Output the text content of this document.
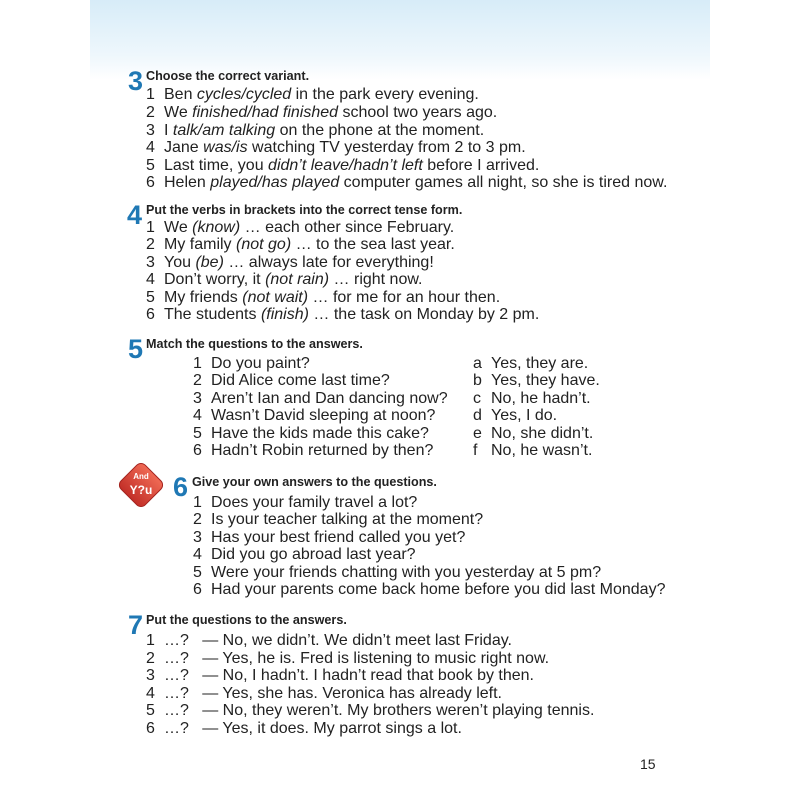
3 Choose the correct variant.
1 Ben cycles/cycled in the park every evening.
2 We finished/had finished school two years ago.
3 I talk/am talking on the phone at the moment.
4 Jane was/is watching TV yesterday from 2 to 3 pm.
5 Last time, you didn’t leave/hadn’t left before I arrived.
6 Helen played/has played computer games all night, so she is tired now.
4 Put the verbs in brackets into the correct tense form.
1 We (know) … each other since February.
2 My family (not go) … to the sea last year.
3 You (be) … always late for everything!
4 Don’t worry, it (not rain) … right now.
5 My friends (not wait) … for me for an hour then.
6 The students (finish) … the task on Monday by 2 pm.
5 Match the questions to the answers.
1 Do you paint?
2 Did Alice come last time?
3 Aren’t Ian and Dan dancing now?
4 Wasn’t David sleeping at noon?
5 Have the kids made this cake?
6 Hadn’t Robin returned by then?
a Yes, they are.
b Yes, they have.
c No, he hadn’t.
d Yes, I do.
e No, she didn’t.
f No, he wasn’t.
And
Y?u 6 Give your own answers to the questions.
1 Does your family travel a lot?
2 Is your teacher talking at the moment?
3 Has your best friend called you yet?
4 Did you go abroad last year?
5 Were your friends chatting with you yesterday at 5 pm?
6 Had your parents come back home before you did last Monday?
7 Put the questions to the answers.
1 …?   — No, we didn’t. We didn’t meet last Friday.
2 …?   — Yes, he is. Fred is listening to music right now.
3 …?   — No, I hadn’t. I hadn’t read that book by then.
4 …?   — Yes, she has. Veronica has already left.
5 …?   — No, they weren’t. My brothers weren’t playing tennis.
6 …?   — Yes, it does. My parrot sings a lot.
15
